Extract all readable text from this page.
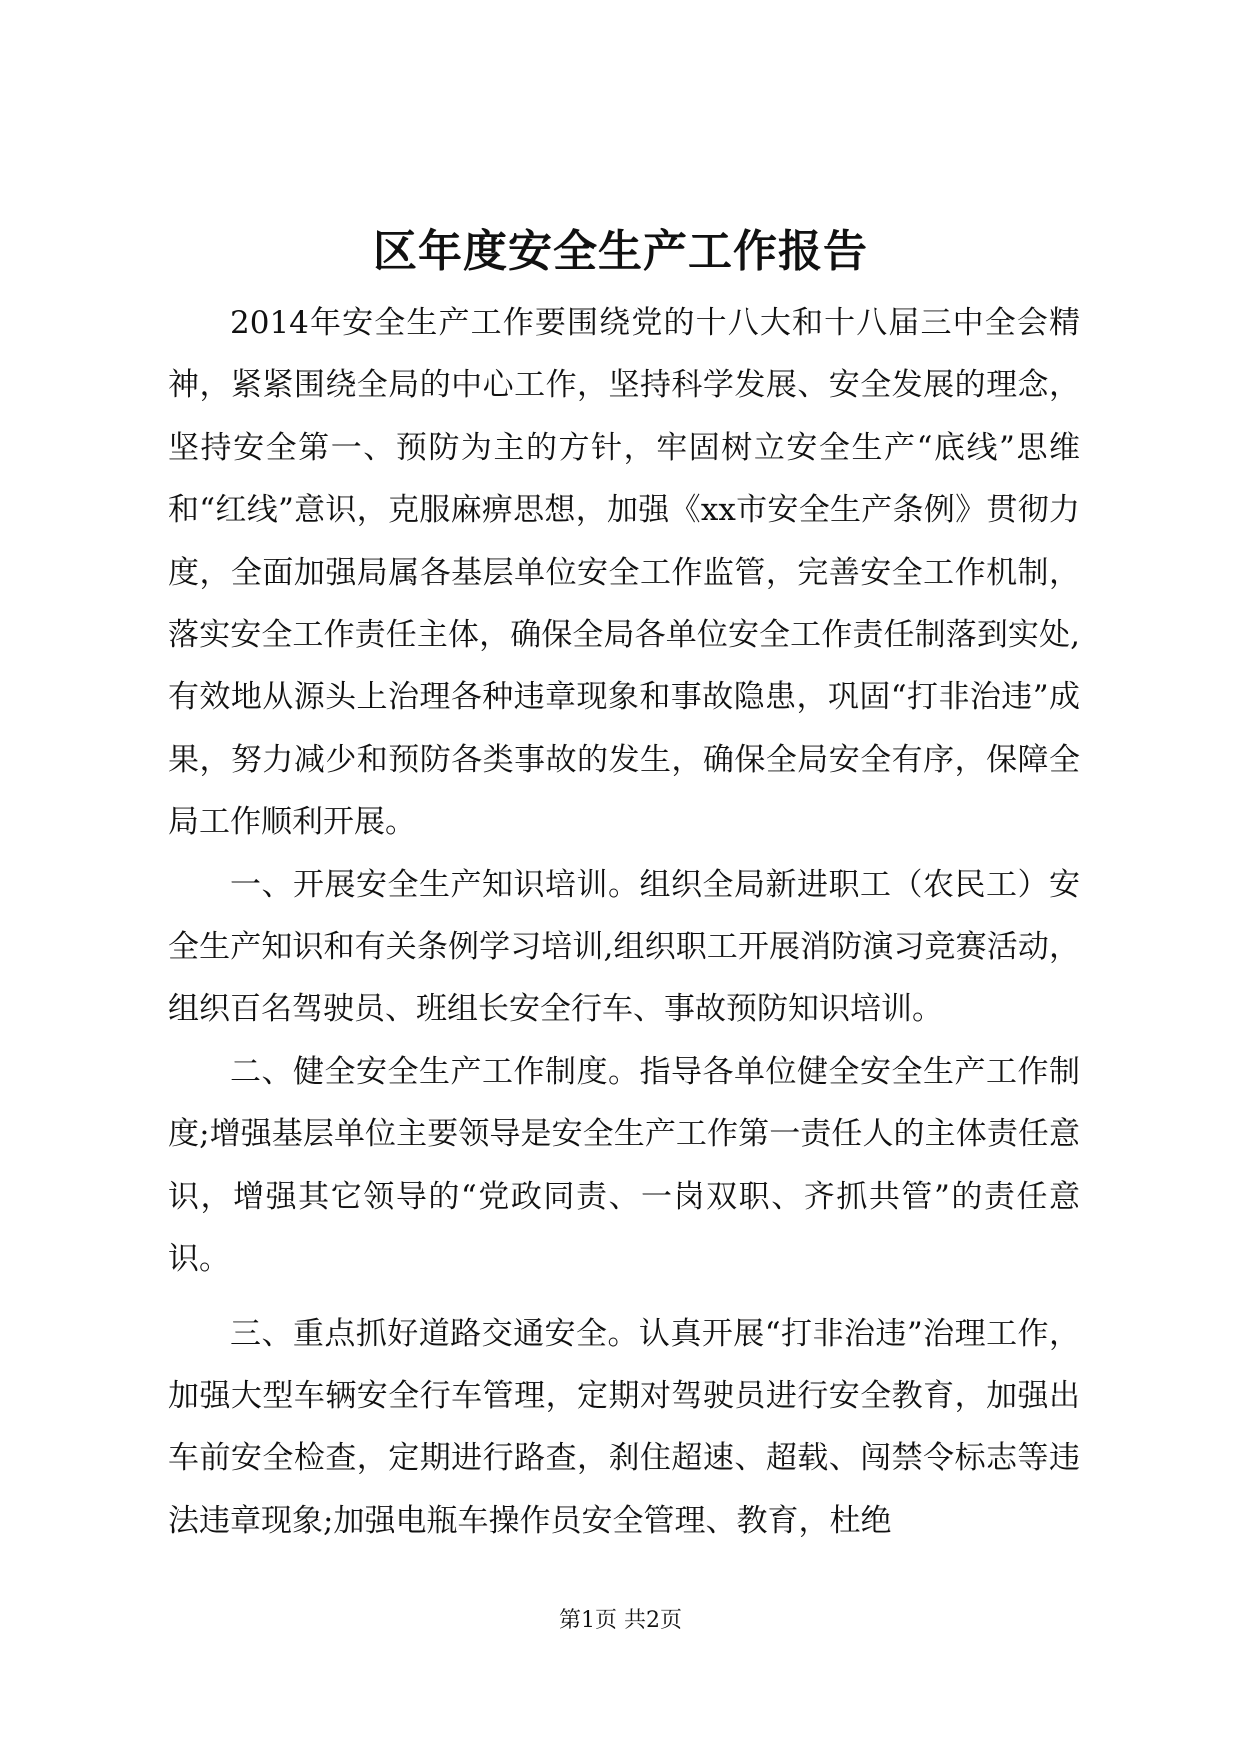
区年度安全生产工作报告

2014年安全生产工作要围绕党的十八大和十八届三中全会精神，紧紧围绕全局的中心工作，坚持科学发展、安全发展的理念，坚持安全第一、预防为主的方针，牢固树立安全生产“底线”思维和“红线”意识，克服麻痹思想，加强《xx市安全生产条例》贯彻力度，全面加强局属各基层单位安全工作监管，完善安全工作机制，落实安全工作责任主体，确保全局各单位安全工作责任制落到实处,有效地从源头上治理各种违章现象和事故隐患，巩固“打非治违”成果，努力减少和预防各类事故的发生，确保全局安全有序，保障全局工作顺利开展。

一、开展安全生产知识培训。组织全局新进职工（农民工）安全生产知识和有关条例学习培训,组织职工开展消防演习竞赛活动，组织百名驾驶员、班组长安全行车、事故预防知识培训。

二、健全安全生产工作制度。指导各单位健全安全生产工作制度;增强基层单位主要领导是安全生产工作第一责任人的主体责任意识，增强其它领导的“党政同责、一岗双职、齐抓共管”的责任意识。

三、重点抓好道路交通安全。认真开展“打非治违”治理工作，加强大型车辆安全行车管理，定期对驾驶员进行安全教育，加强出车前安全检查，定期进行路查，刹住超速、超载、闯禁令标志等违法违章现象;加强电瓶车操作员安全管理、教育，杜绝

第1页 共2页
